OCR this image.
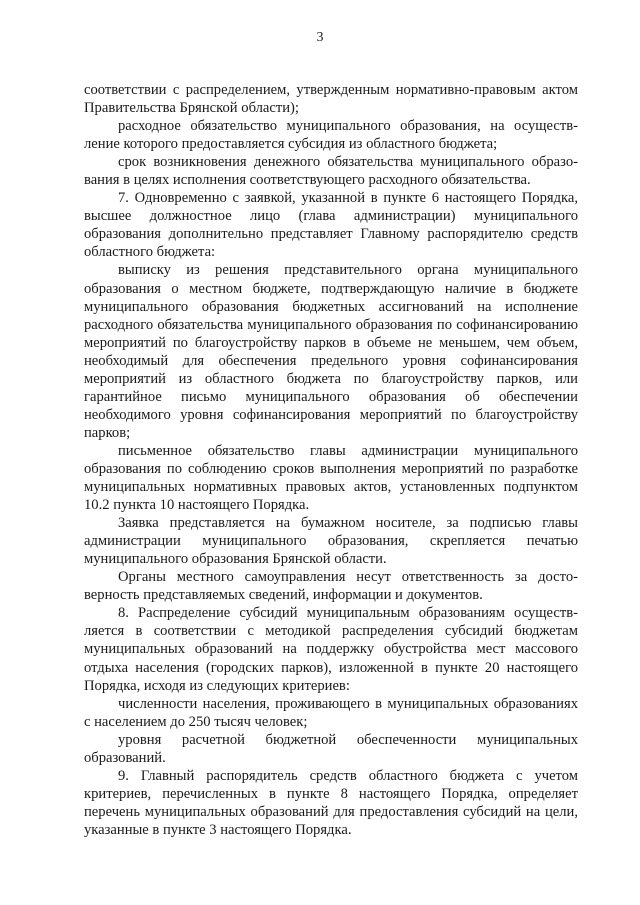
3

соответствии с распределением, утвержденным нормативно-правовым актом Правительства Брянской области);

расходное обязательство муниципального образования, на осуществление которого предоставляется субсидия из областного бюджета;

срок возникновения денежного обязательства муниципального образования в целях исполнения соответствующего расходного обязательства.

7. Одновременно с заявкой, указанной в пункте 6 настоящего Порядка, высшее должностное лицо (глава администрации) муниципального образования дополнительно представляет Главному распорядителю средств областного бюджета:

выписку из решения представительного органа муниципального образования о местном бюджете, подтверждающую наличие в бюджете муниципального образования бюджетных ассигнований на исполнение расходного обязательства муниципального образования по софинансированию мероприятий по благоустройству парков в объеме не меньшем, чем объем, необходимый для обеспечения предельного уровня софинансирования мероприятий из областного бюджета по благоустройству парков, или гарантийное письмо муниципального образования об обеспечении необходимого уровня софинансирования мероприятий по благоустройству парков;

письменное обязательство главы администрации муниципального образования по соблюдению сроков выполнения мероприятий по разработке муниципальных нормативных правовых актов, установленных подпунктом 10.2 пункта 10 настоящего Порядка.

Заявка представляется на бумажном носителе, за подписью главы администрации муниципального образования, скрепляется печатью муниципального образования Брянской области.

Органы местного самоуправления несут ответственность за достоверность представляемых сведений, информации и документов.

8. Распределение субсидий муниципальным образованиям осуществляется в соответствии с методикой распределения субсидий бюджетам муниципальных образований на поддержку обустройства мест массового отдыха населения (городских парков), изложенной в пункте 20 настоящего Порядка, исходя из следующих критериев:

численности населения, проживающего в муниципальных образованиях с населением до 250 тысяч человек;

уровня расчетной бюджетной обеспеченности муниципальных образований.

9. Главный распорядитель средств областного бюджета с учетом критериев, перечисленных в пункте 8 настоящего Порядка, определяет перечень муниципальных образований для предоставления субсидий на цели, указанные в пункте 3 настоящего Порядка.
